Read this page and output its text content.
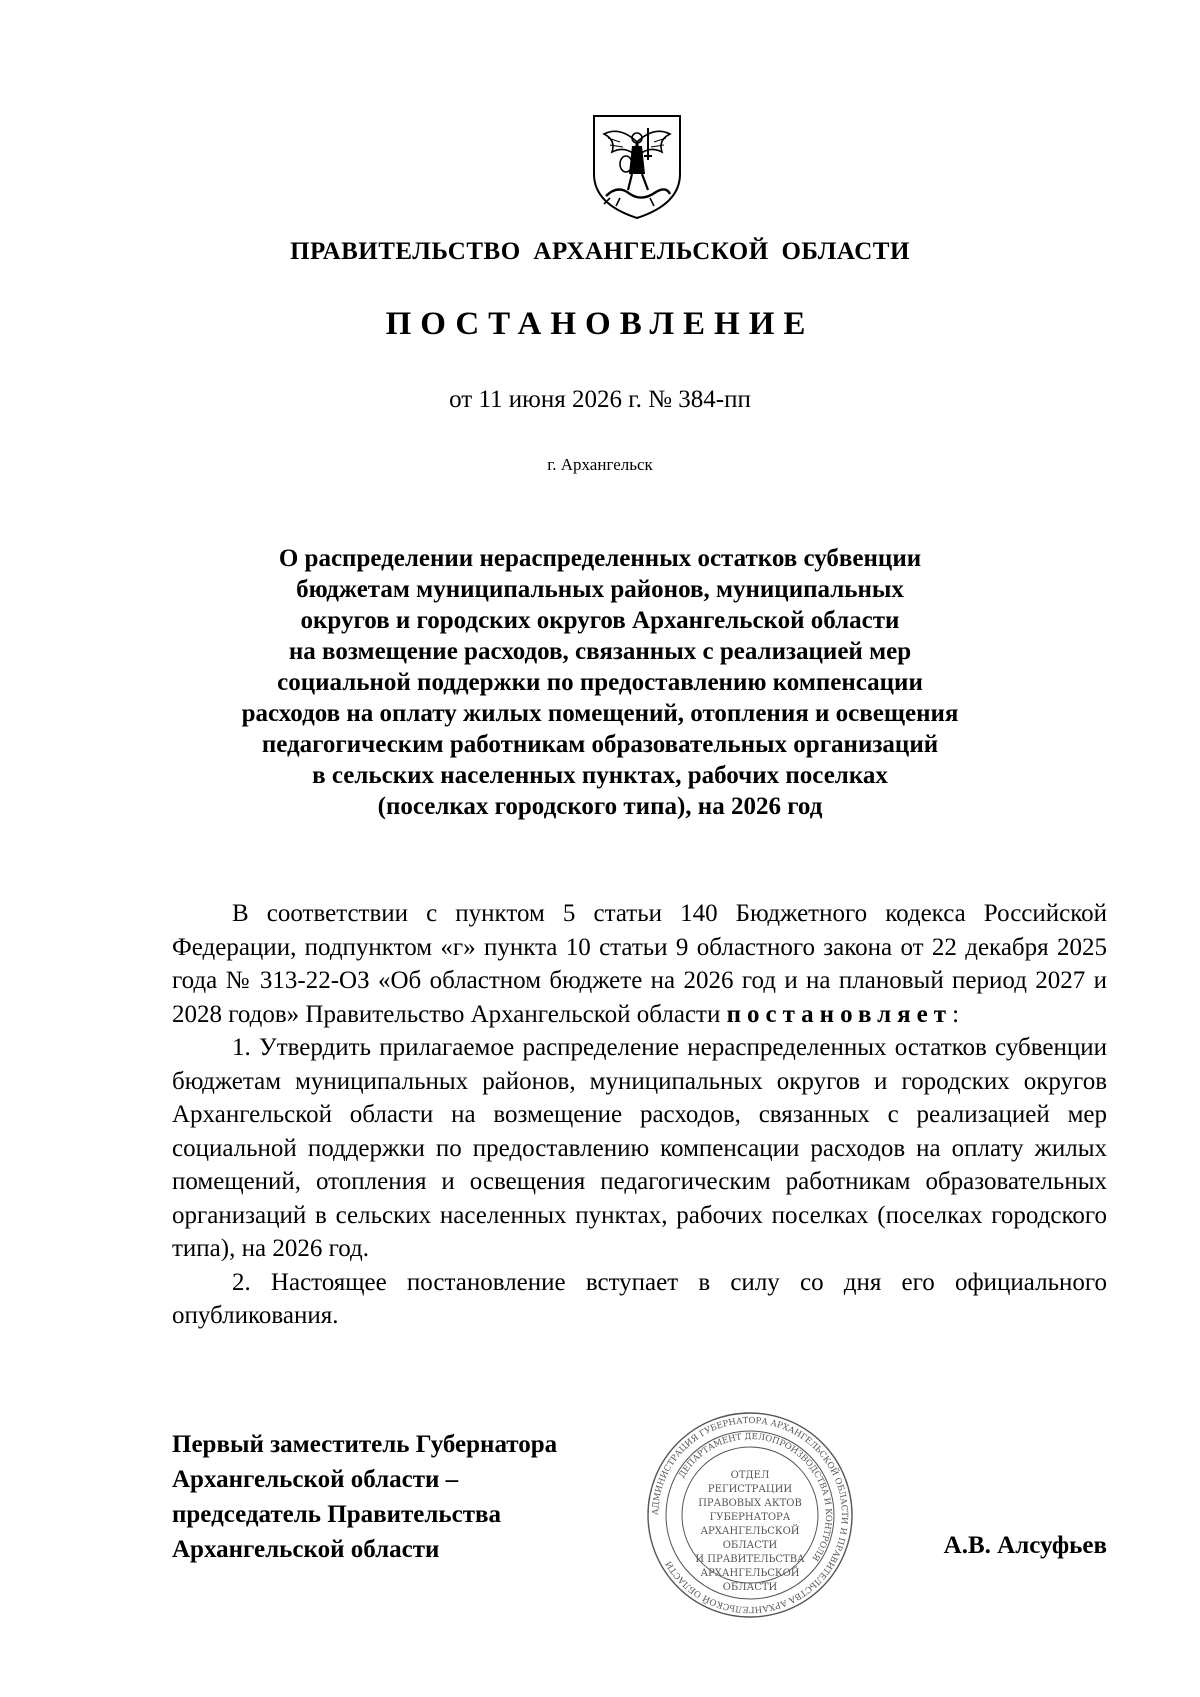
ПРАВИТЕЛЬСТВО АРХАНГЕЛЬСКОЙ ОБЛАСТИ
ПОСТАНОВЛЕНИЕ
от 11 июня 2026 г. № 384-пп
г. Архангельск
О распределении нераспределенных остатков субвенции
бюджетам муниципальных районов, муниципальных
округов и городских округов Архангельской области
на возмещение расходов, связанных с реализацией мер
социальной поддержки по предоставлению компенсации
расходов на оплату жилых помещений, отопления и освещения
педагогическим работникам образовательных организаций
в сельских населенных пунктах, рабочих поселках
(поселках городского типа), на 2026 год

В соответствии с пунктом 5 статьи 140 Бюджетного кодекса Российской Федерации, подпунктом «г» пункта 10 статьи 9 областного закона от 22 декабря 2025 года № 313-22-ОЗ «Об областном бюджете на 2026 год и на плановый период 2027 и 2028 годов» Правительство Архангельской области постановляет:

1. Утвердить прилагаемое распределение нераспределенных остатков субвенции бюджетам муниципальных районов, муниципальных округов и городских округов Архангельской области на возмещение расходов, связанных с реализацией мер социальной поддержки по предоставлению компенсации расходов на оплату жилых помещений, отопления и освещения педагогическим работникам образовательных организаций в сельских населенных пунктах, рабочих поселках (поселках городского типа), на 2026 год.

2. Настоящее постановление вступает в силу со дня его официального опубликования.

Первый заместитель Губернатора
Архангельской области –
председатель Правительства
Архангельской области
АДМИНИСТРАЦИЯ ГУБЕРНАТОРА АРХАНГЕЛЬСКОЙ ОБЛАСТИ И ПРАВИТЕЛЬСТВА АРХАНГЕЛЬСКОЙ ОБЛАСТИ
ДЕПАРТАМЕНТ ДЕЛОПРОИЗВОДСТВА И КОНТРОЛЯ
ОТДЕЛ
РЕГИСТРАЦИИ
ПРАВОВЫХ АКТОВ
ГУБЕРНАТОРА
АРХАНГЕЛЬСКОЙ
ОБЛАСТИ
И ПРАВИТЕЛЬСТВА
АРХАНГЕЛЬСКОЙ
ОБЛАСТИ
А.В. Алсуфьев
